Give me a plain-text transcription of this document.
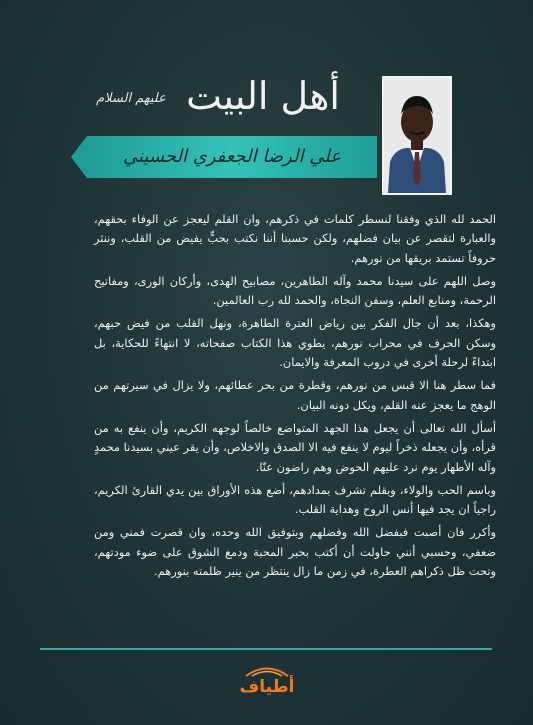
أهل البيت
عليهم السلام
علي الرضا الجعفري الحسيني

الحمد لله الذي وفقنا لنسطر كلمات في ذكرهم، وان القلم ليعجز عن الوفاء بحقهم، والعبارة لتقصر عن بيان فضلهم، ولكن حسبنا أننا نكتب بحبٍّ يفيض من القلب، وننثر حروفاً تستمد بريقها من نورهم.

وصل اللهم على سيدنا محمد وآله الطاهرين، مصابيح الهدى، وأركان الورى، ومفاتيح الرحمة، ومنابع العلم، وسفن النجاة، والحمد لله رب العالمين.

وهكذا، بعد أن جال الفكر بين رياض العترة الطاهرة، ونهل القلب من فيض حبهم، وسكن الحرف في محراب نورهم، يطوي هذا الكتاب صفحاته، لا انتهاءً للحكاية، بل ابتداءً لرحلة أخرى في دروب المعرفة والايمان.

فما سطر هنا الا قبس من نورهم، وقطرة من بحر عطائهم، ولا يزال في سيرتهم من الوهج ما يعجز عنه القلم، ويكل دونه البيان.

أسأل الله تعالى أن يجعل هذا الجهد المتواضع خالصاً لوجهه الكريم، وأن ينفع به من قرأه، وأن يجعله ذخراً ليوم لا ينفع فيه الا الصدق والاخلاص، وأن يقر عيني بسيدنا محمدٍ وآله الأطهار يوم نرد عليهم الحوض وهم راضون عنّا.

وباسم الحب والولاء، وبقلم تشرف بمدادهم، أضع هذه الأوراق بين يدي القارئ الكريم، راجياً ان يجد فيها أنس الروح وهداية القلب.

وأكرر فان أصبت فبفضل الله وفضلهم وبتوفيق الله وحده، وان قصرت فمني ومن ضعفي، وحسبي أنني حاولت أن أكتب بحبر المحبة ودمع الشوق على ضوء مودتهم، وتحت ظل ذكراهم العطرة، في زمن ما زال ينتظر من ينير ظلمته بنورهم.

أطياف
